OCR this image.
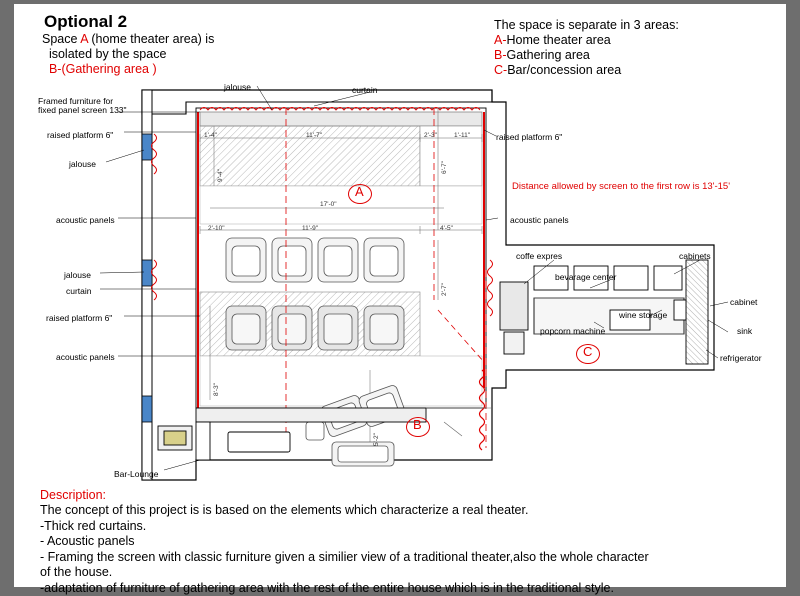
Optional 2
Space A (home theater area) is
isolated by the space
B-(Gathering area )
The space is separate in 3 areas:
A-Home theater area
B-Gathering area
C-Bar/concession area
A
C
B
Distance allowed by screen to the first row is 13'-15'
Framed furniture for
fixed panel screen 133"
raised platform 6"
jalouse
acoustic panels
jalouse
curtain
raised platform 6"
acoustic panels
Bar-Lounge
jalouse	curtain
raised platform 6"
acoustic panels
coffe expres
bevarage center
cabinets
cabinet
wine storage
popcorn machine	sink
refrigerator
11'-7"
1'-4"	2'-3"	1'-11"
17'-0"
11'-9"	4'-5"
2'-10"
9'-4"
6'-7"
2'-7"
8'-3"
5'-2"
Description:
The concept of this project is is based on the elements which characterize a real theater.
-Thick red curtains.
- Acoustic panels
- Framing the screen with classic furniture given a similier view of a traditional theater,also the whole character
of the house.
-adaptation of furniture of gathering area with the rest of the entire house which is in the traditional style.
